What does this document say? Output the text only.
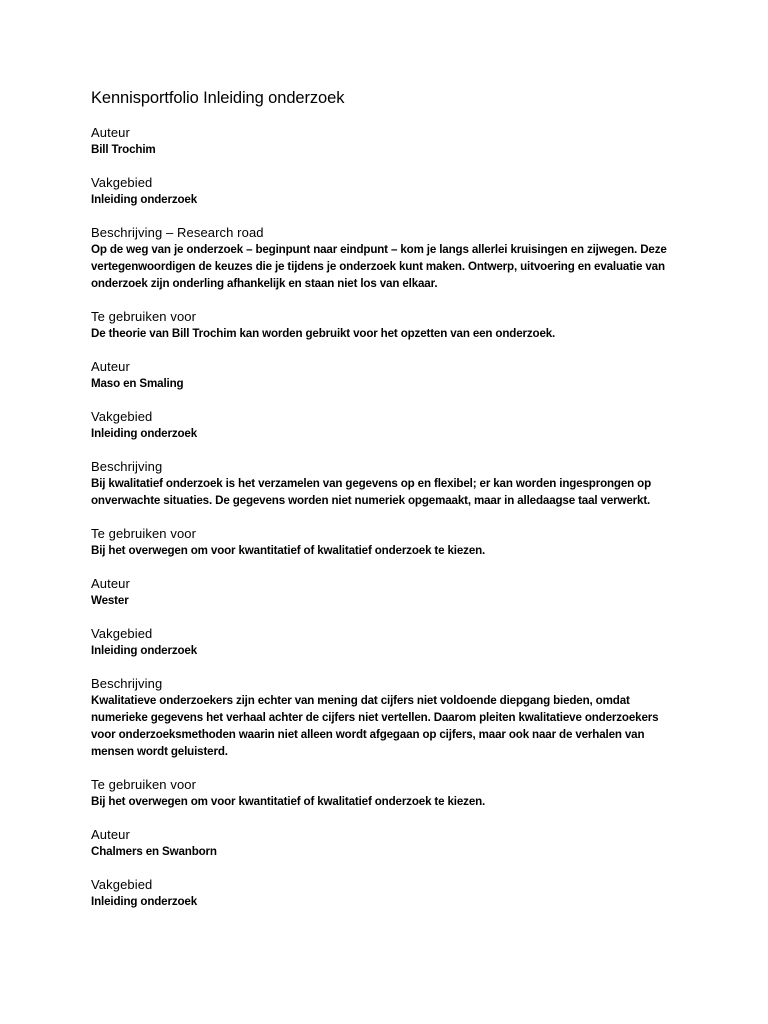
Kennisportfolio Inleiding onderzoek
Auteur
Bill Trochim
Vakgebied
Inleiding onderzoek
Beschrijving – Research road
Op de weg van je onderzoek – beginpunt naar eindpunt – kom je langs allerlei kruisingen en zijwegen. Deze vertegenwoordigen de keuzes die je tijdens je onderzoek kunt maken. Ontwerp, uitvoering en evaluatie van onderzoek zijn onderling afhankelijk en staan niet los van elkaar.
Te gebruiken voor
De theorie van Bill Trochim kan worden gebruikt voor het opzetten van een onderzoek.
Auteur
Maso en Smaling
Vakgebied
Inleiding onderzoek
Beschrijving
Bij kwalitatief onderzoek is het verzamelen van gegevens op en flexibel; er kan worden ingesprongen op onverwachte situaties. De gegevens worden niet numeriek opgemaakt, maar in alledaagse taal verwerkt.
Te gebruiken voor
Bij het overwegen om voor kwantitatief of kwalitatief onderzoek te kiezen.
Auteur
Wester
Vakgebied
Inleiding onderzoek
Beschrijving
Kwalitatieve onderzoekers zijn echter van mening dat cijfers niet voldoende diepgang bieden, omdat numerieke gegevens het verhaal achter de cijfers niet vertellen. Daarom pleiten kwalitatieve onderzoekers voor onderzoeksmethoden waarin niet alleen wordt afgegaan op cijfers, maar ook naar de verhalen van mensen wordt geluisterd.
Te gebruiken voor
Bij het overwegen om voor kwantitatief of kwalitatief onderzoek te kiezen.
Auteur
Chalmers en Swanborn
Vakgebied
Inleiding onderzoek
